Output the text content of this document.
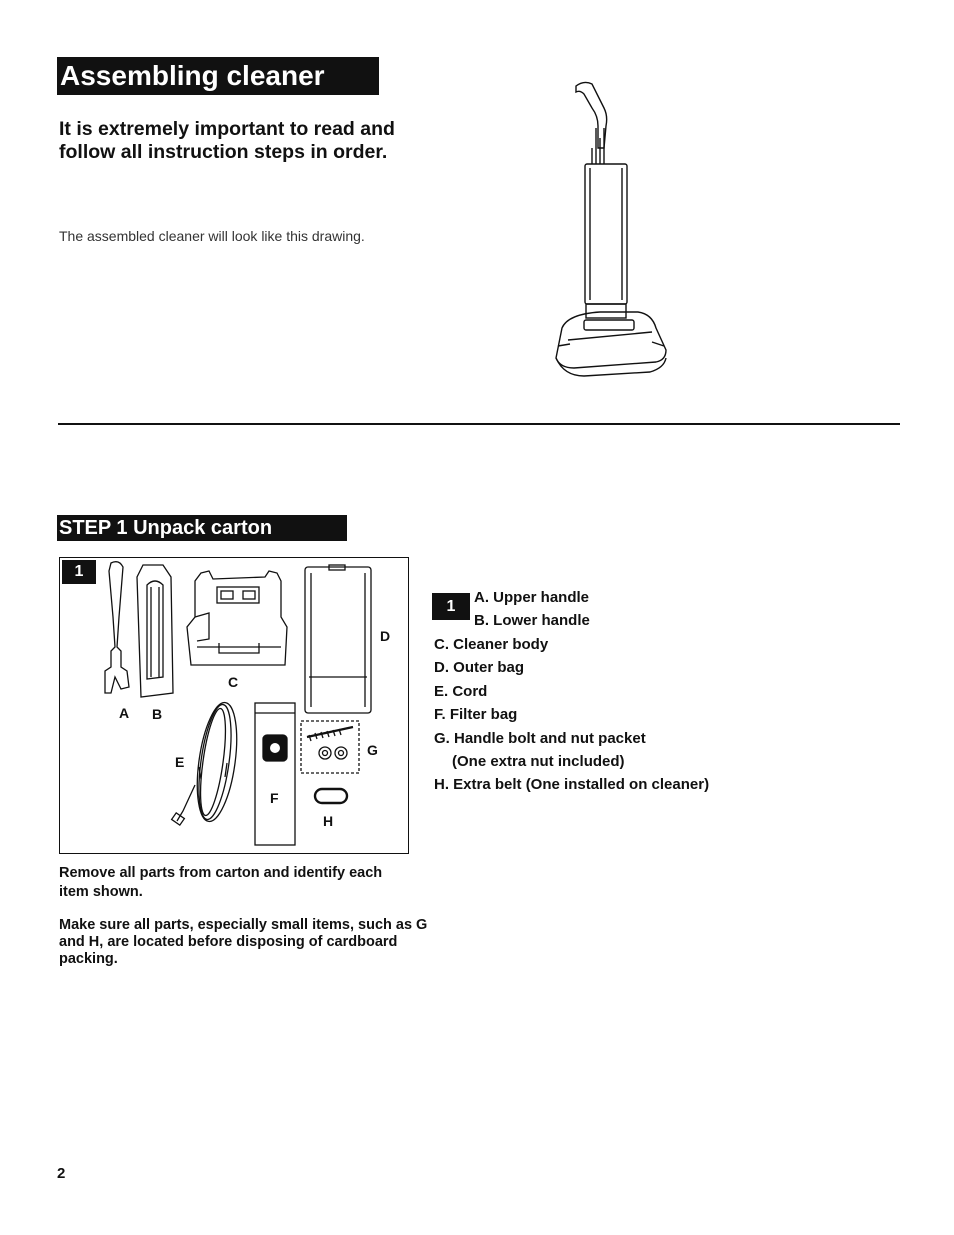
Assembling cleaner
It is extremely important to read and
follow all instruction steps in order.
The assembled cleaner will look like this drawing.
STEP 1 Unpack carton
1
A B
C
D
E
F
G
H
1
A. Upper handle
B. Lower handle
C. Cleaner body
D. Outer bag
E. Cord
F. Filter bag
G. Handle bolt and nut packet
(One extra nut included)
H. Extra belt (One installed on cleaner)
Remove all parts from carton and identify each
item shown.
Make sure all parts, especially small items, such as G
and H, are located before disposing of cardboard
packing.
2
